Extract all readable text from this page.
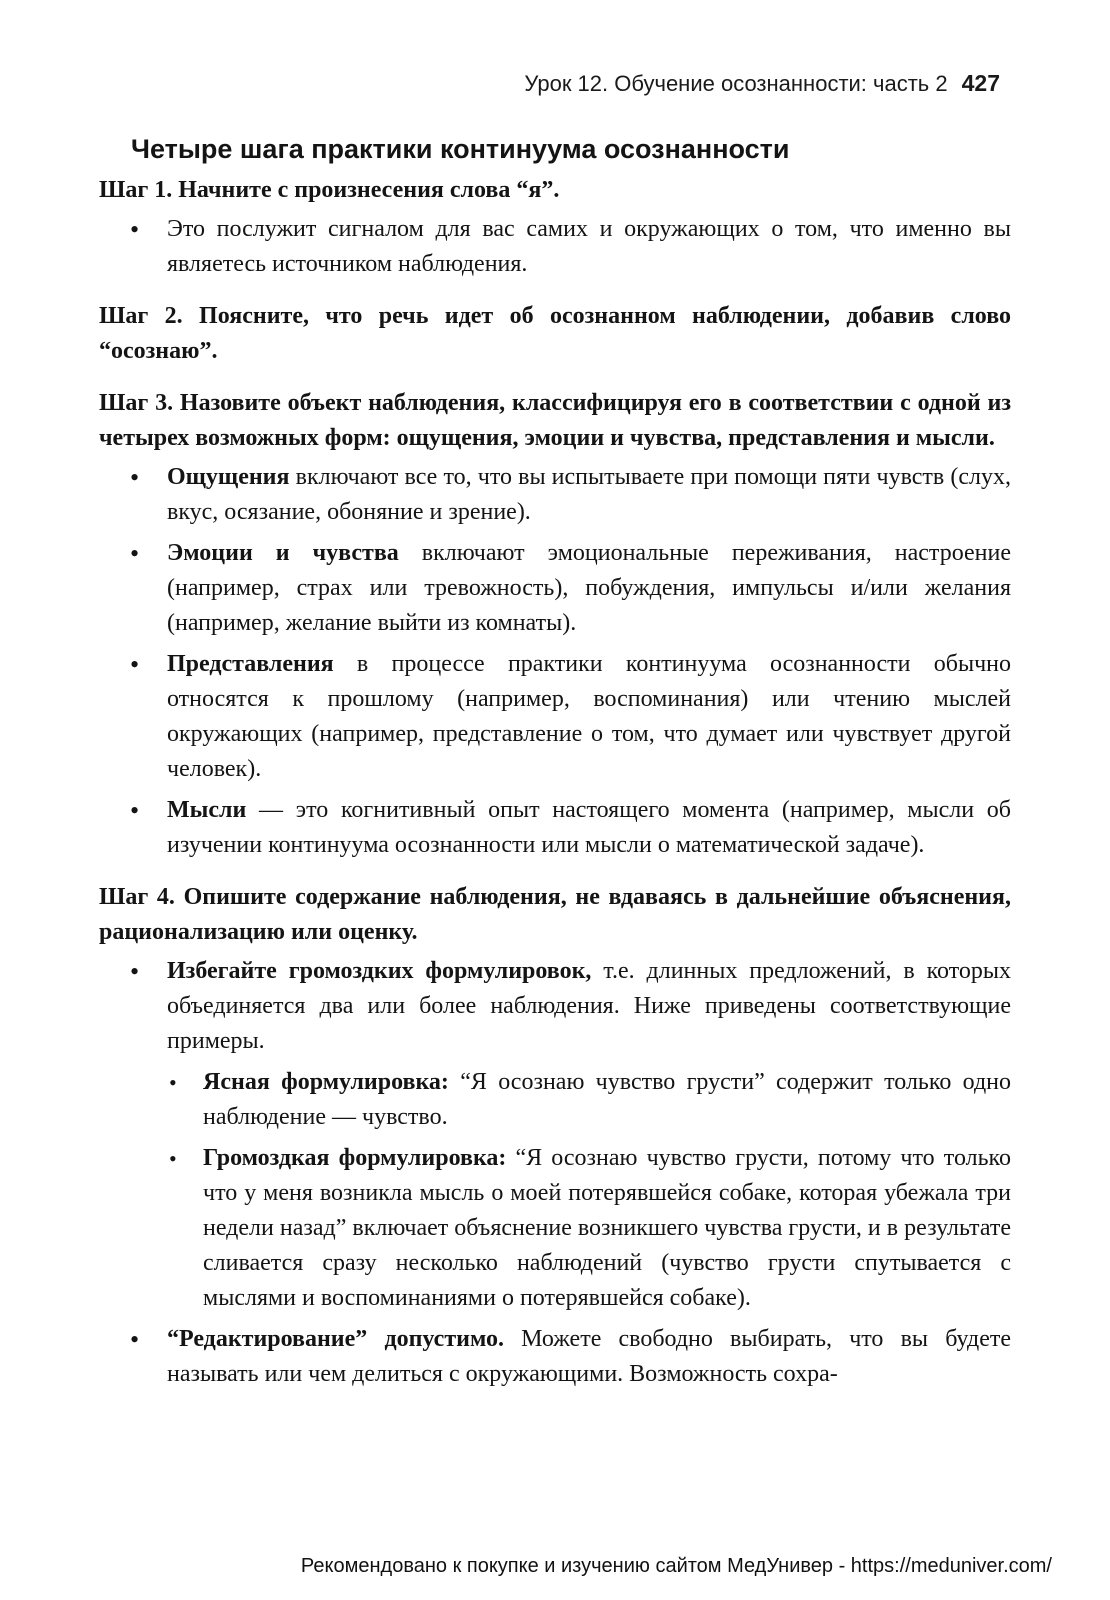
Урок 12. Обучение осознанности: часть 2 427
Четыре шага практики континуума осознанности

Шаг 1. Начните с произнесения слова “я”.

• Это послужит сигналом для вас самих и окружающих о том, что именно вы являетесь источником наблюдения.

Шаг 2. Поясните, что речь идет об осознанном наблюдении, добавив слово “осознаю”.

Шаг 3. Назовите объект наблюдения, классифицируя его в соответствии с одной из четырех возможных форм: ощущения, эмоции и чувства, представления и мысли.

• Ощущения включают все то, что вы испытываете при помощи пяти чувств (слух, вкус, осязание, обоняние и зрение).
• Эмоции и чувства включают эмоциональные переживания, настроение (например, страх или тревожность), побуждения, импульсы и/или желания (например, желание выйти из комнаты).
• Представления в процессе практики континуума осознанности обычно относятся к прошлому (например, воспоминания) или чтению мыслей окружающих (например, представление о том, что думает или чувствует другой человек).
• Мысли — это когнитивный опыт настоящего момента (например, мысли об изучении континуума осознанности или мысли о математической задаче).

Шаг 4. Опишите содержание наблюдения, не вдаваясь в дальнейшие объяснения, рационализацию или оценку.

• Избегайте громоздких формулировок, т.е. длинных предложений, в которых объединяется два или более наблюдения. Ниже приведены соответствующие примеры.
• Ясная формулировка: “Я осознаю чувство грусти” содержит только одно наблюдение — чувство.
• Громоздкая формулировка: “Я осознаю чувство грусти, потому что только что у меня возникла мысль о моей потерявшейся собаке, которая убежала три недели назад” включает объяснение возникшего чувства грусти, и в результате сливается сразу несколько наблюдений (чувство грусти спутывается с мыслями и воспоминаниями о потерявшейся собаке).
• “Редактирование” допустимо. Можете свободно выбирать, что вы будете называть или чем делиться с окружающими. Возможность сохра-
Рекомендовано к покупке и изучению сайтом МедУнивер - https://meduniver.com/
